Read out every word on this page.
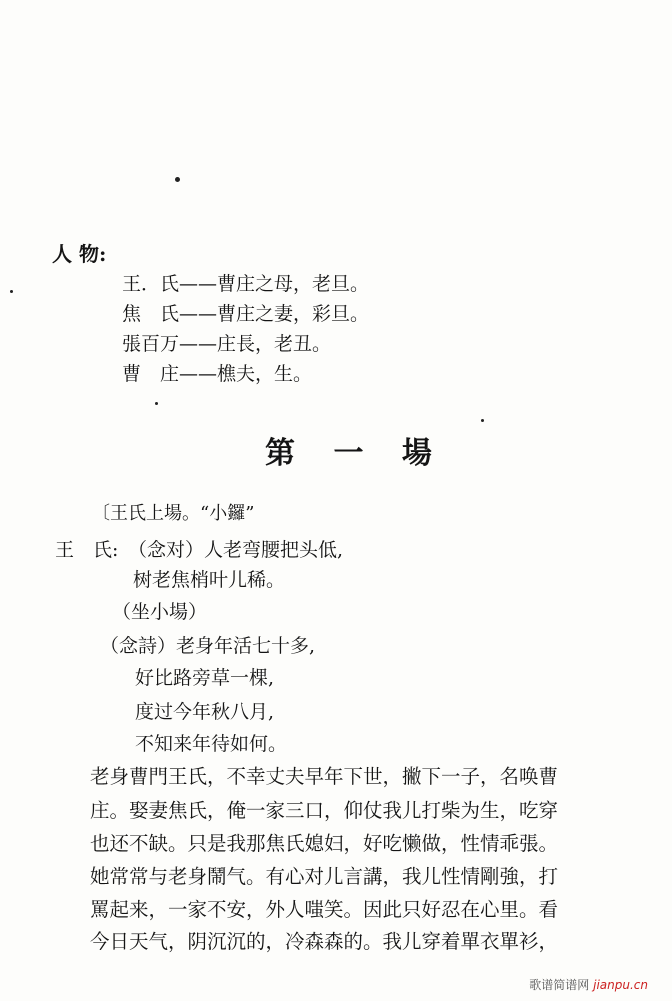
人 物:
王．氏——曹庄之母，老旦。
焦　氏——曹庄之妻，彩旦。
張百万——庄長，老丑。
曹　庄——樵夫，生。
第 一 場
〔王氏上場。“小鑼”
王　氏: （念对）人老弯腰把头低,
树老焦梢叶儿稀。
（坐小場）
（念詩）老身年活七十多,
好比路旁草一棵,
度过今年秋八月,
不知来年待如何。
老身曹門王氏，不幸丈夫早年下世，撇下一子，名唤曹
庄。娶妻焦氏，俺一家三口，仰仗我儿打柴为生，吃穿
也还不缺。只是我那焦氏媳妇，好吃懒做，性情乖張。
她常常与老身鬧气。有心对儿言講，我儿性情剛強，打
罵起来，一家不安，外人嗤笑。因此只好忍在心里。看
今日天气，阴沉沉的，冷森森的。我儿穿着單衣單衫，
歌谱简谱网 jianpu.cn
